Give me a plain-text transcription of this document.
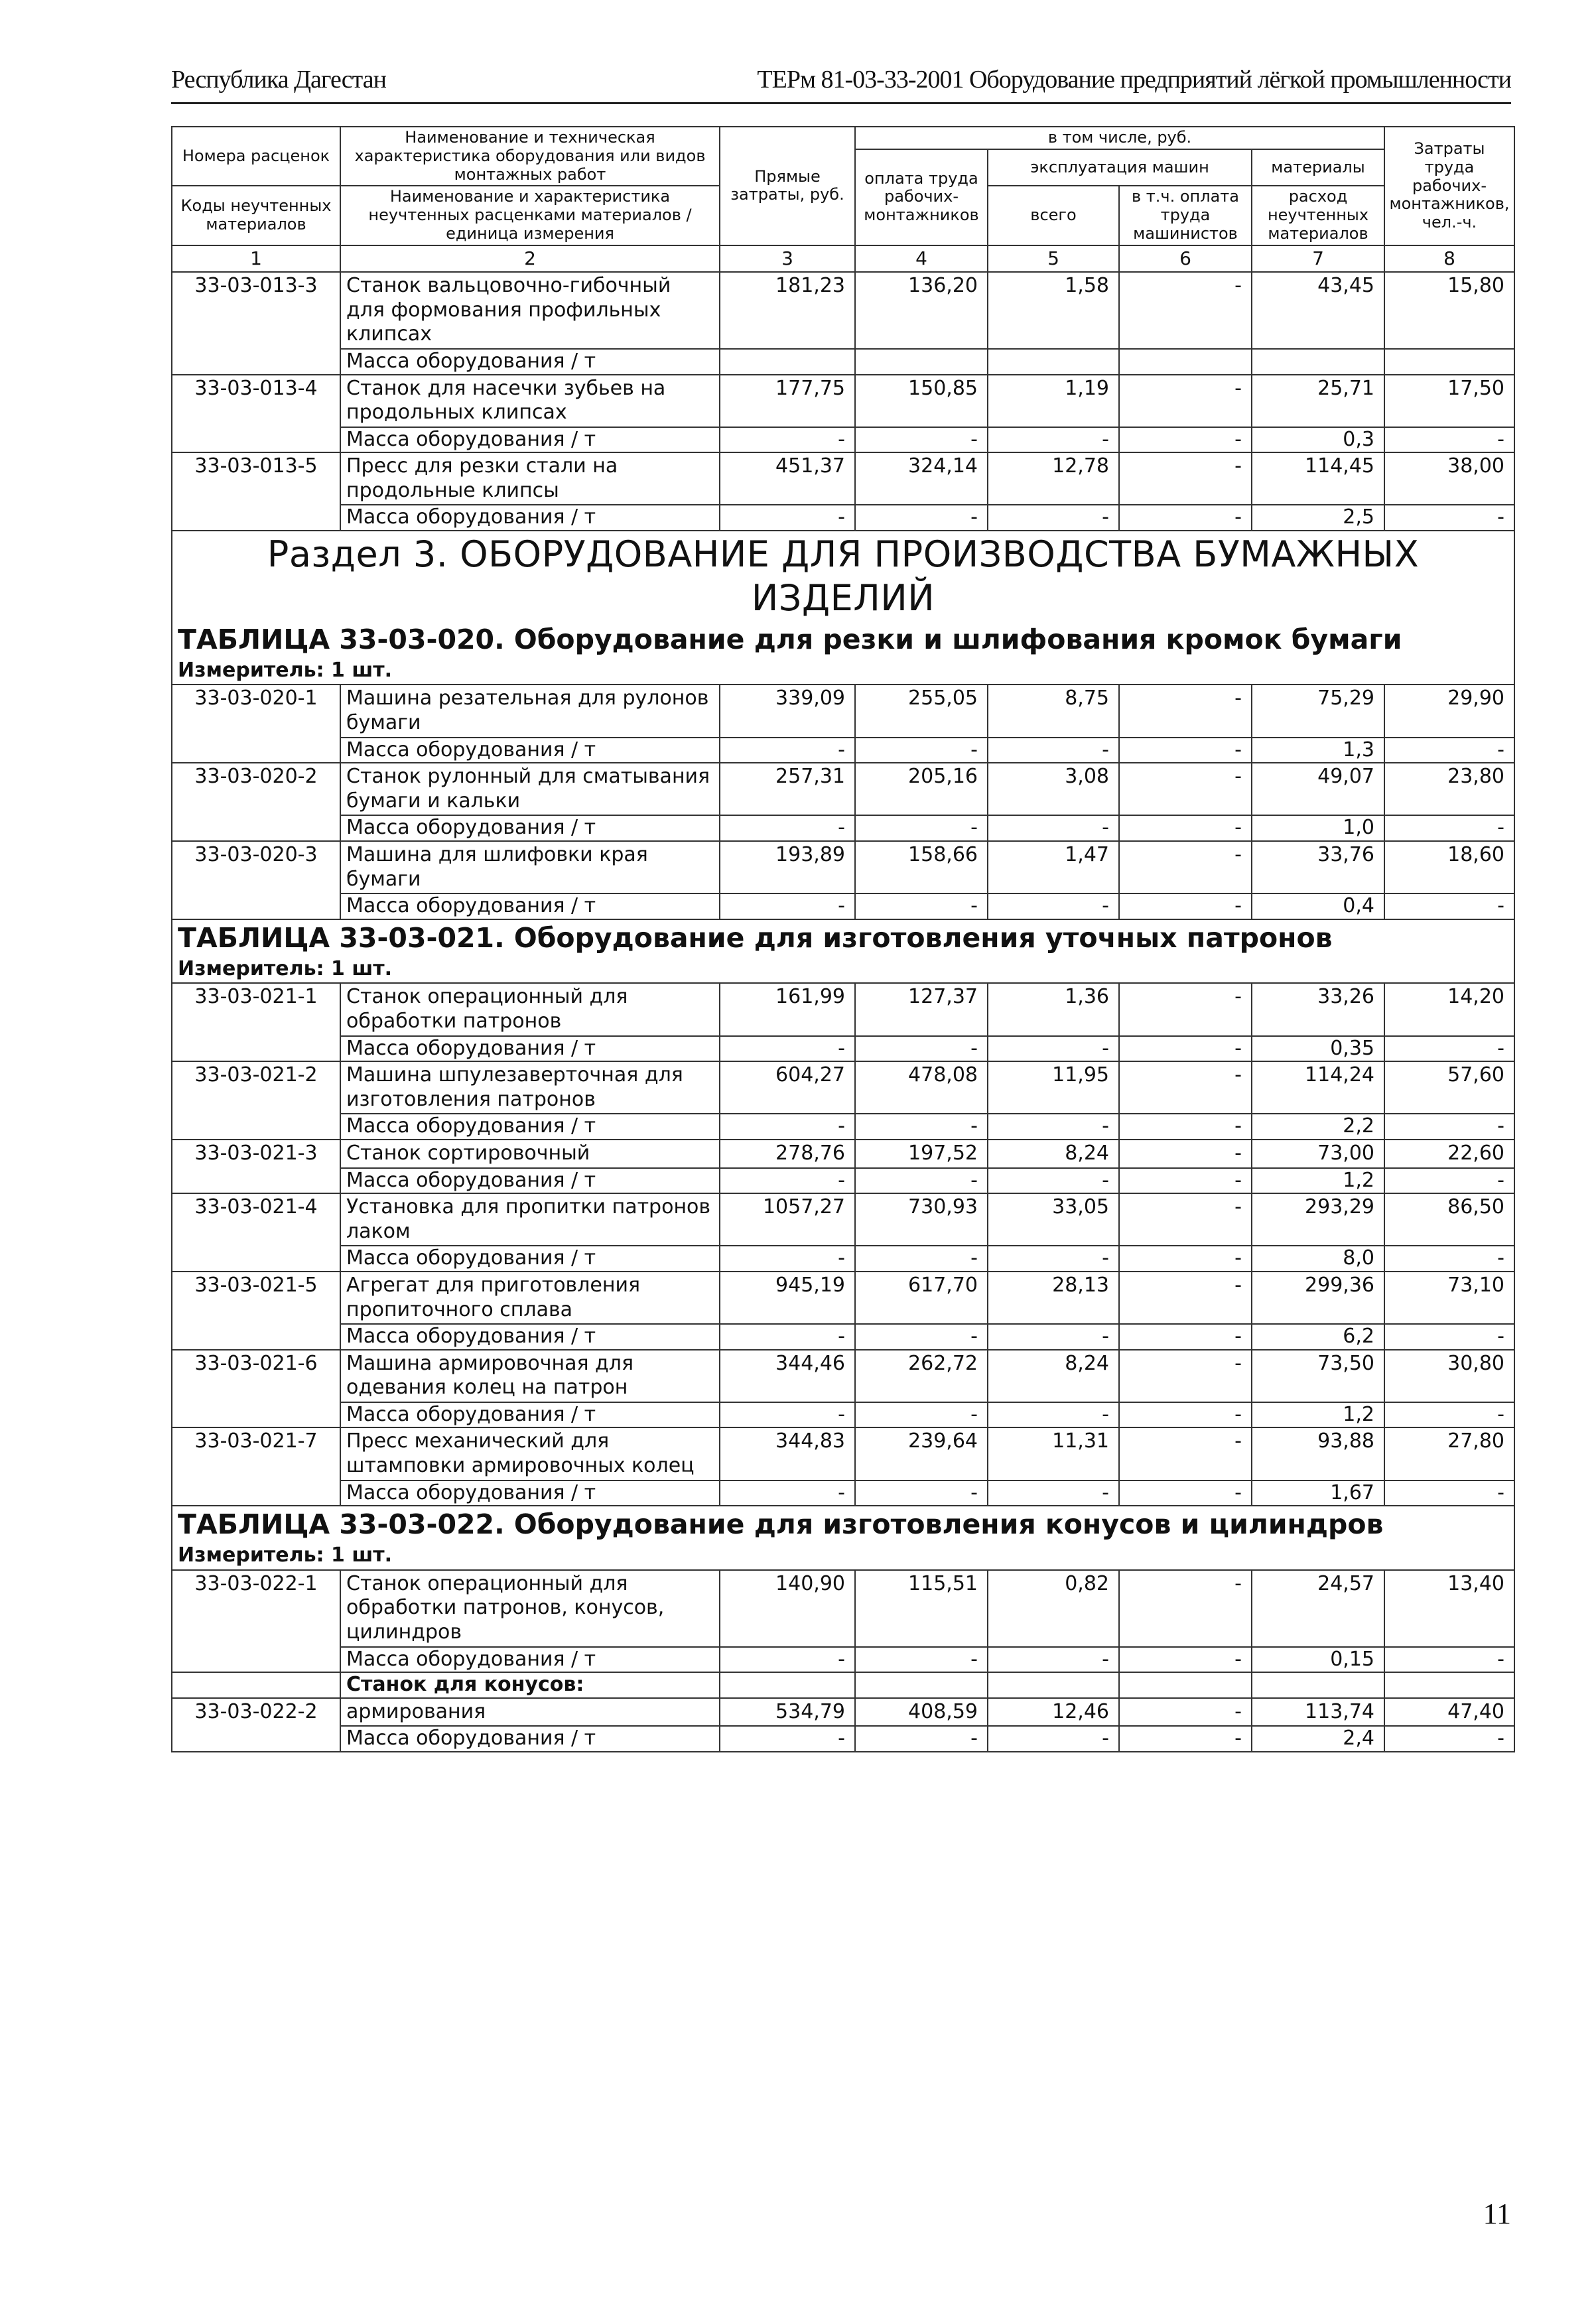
Республика Дагестан	ТЕРм 81-03-33-2001 Оборудование предприятий лёгкой промышленности
Номера расценок	Наименование и техническая характеристика оборудования или видов монтажных работ	Прямые затраты, руб.	в том числе, руб.				Затраты труда рабочих-монтажников, чел.-ч.
			оплата труда рабочих-монтажников	эксплуатация машин		материалы	

Коды неучтенных материалов	Наименование и характеристика неучтенных расценками материалов / единица измерения			всего	в т.ч. оплата труда машинистов	расход неучтенных материалов	

1	2	3	4	5	6	7	8
33-03-013-3	Станок вальцовочно-гибочный для формования профильных клипсах	181,23	136,20	1,58	-	43,45	15,80
	Масса оборудования / т						
33-03-013-4	Станок для насечки зубьев на продольных клипсах	177,75	150,85	1,19	-	25,71	17,50
	Масса оборудования / т	-	-	-	-	0,3	-
33-03-013-5	Пресс для резки стали на продольные клипсы	451,37	324,14	12,78	-	114,45	38,00
	Масса оборудования / т	-	-	-	-	2,5	-
Раздел 3. ОБОРУДОВАНИЕ ДЛЯ ПРОИЗВОДСТВА БУМАЖНЫХ ИЗДЕЛИЙ							
ТАБЛИЦА 33-03-020. Оборудование для резки и шлифования кромок бумаги							
Измеритель: 1 шт.							
33-03-020-1	Машина резательная для рулонов бумаги	339,09	255,05	8,75	-	75,29	29,90
	Масса оборудования / т	-	-	-	-	1,3	-
33-03-020-2	Станок рулонный для сматывания бумаги и кальки	257,31	205,16	3,08	-	49,07	23,80
	Масса оборудования / т	-	-	-	-	1,0	-
33-03-020-3	Машина для шлифовки края бумаги	193,89	158,66	1,47	-	33,76	18,60
	Масса оборудования / т	-	-	-	-	0,4	-
ТАБЛИЦА 33-03-021. Оборудование для изготовления уточных патронов							
Измеритель: 1 шт.							
33-03-021-1	Станок операционный для обработки патронов	161,99	127,37	1,36	-	33,26	14,20
	Масса оборудования / т	-	-	-	-	0,35	-
33-03-021-2	Машина шпулезаверточная для изготовления патронов	604,27	478,08	11,95	-	114,24	57,60
	Масса оборудования / т	-	-	-	-	2,2	-
33-03-021-3	Станок сортировочный	278,76	197,52	8,24	-	73,00	22,60
	Масса оборудования / т	-	-	-	-	1,2	-
33-03-021-4	Установка для пропитки патронов лаком	1057,27	730,93	33,05	-	293,29	86,50
	Масса оборудования / т	-	-	-	-	8,0	-
33-03-021-5	Агрегат для приготовления пропиточного сплава	945,19	617,70	28,13	-	299,36	73,10
	Масса оборудования / т	-	-	-	-	6,2	-
33-03-021-6	Машина армировочная для одевания колец на патрон	344,46	262,72	8,24	-	73,50	30,80
	Масса оборудования / т	-	-	-	-	1,2	-
33-03-021-7	Пресс механический для штамповки армировочных колец	344,83	239,64	11,31	-	93,88	27,80
	Масса оборудования / т	-	-	-	-	1,67	-
ТАБЛИЦА 33-03-022. Оборудование для изготовления конусов и цилиндров							
Измеритель: 1 шт.							
33-03-022-1	Станок операционный для обработки патронов, конусов, цилиндров	140,90	115,51	0,82	-	24,57	13,40
	Масса оборудования / т	-	-	-	-	0,15	-
	Станок для конусов:						
33-03-022-2	армирования	534,79	408,59	12,46	-	113,74	47,40
	Масса оборудования / т	-	-	-	-	2,4	-
11
